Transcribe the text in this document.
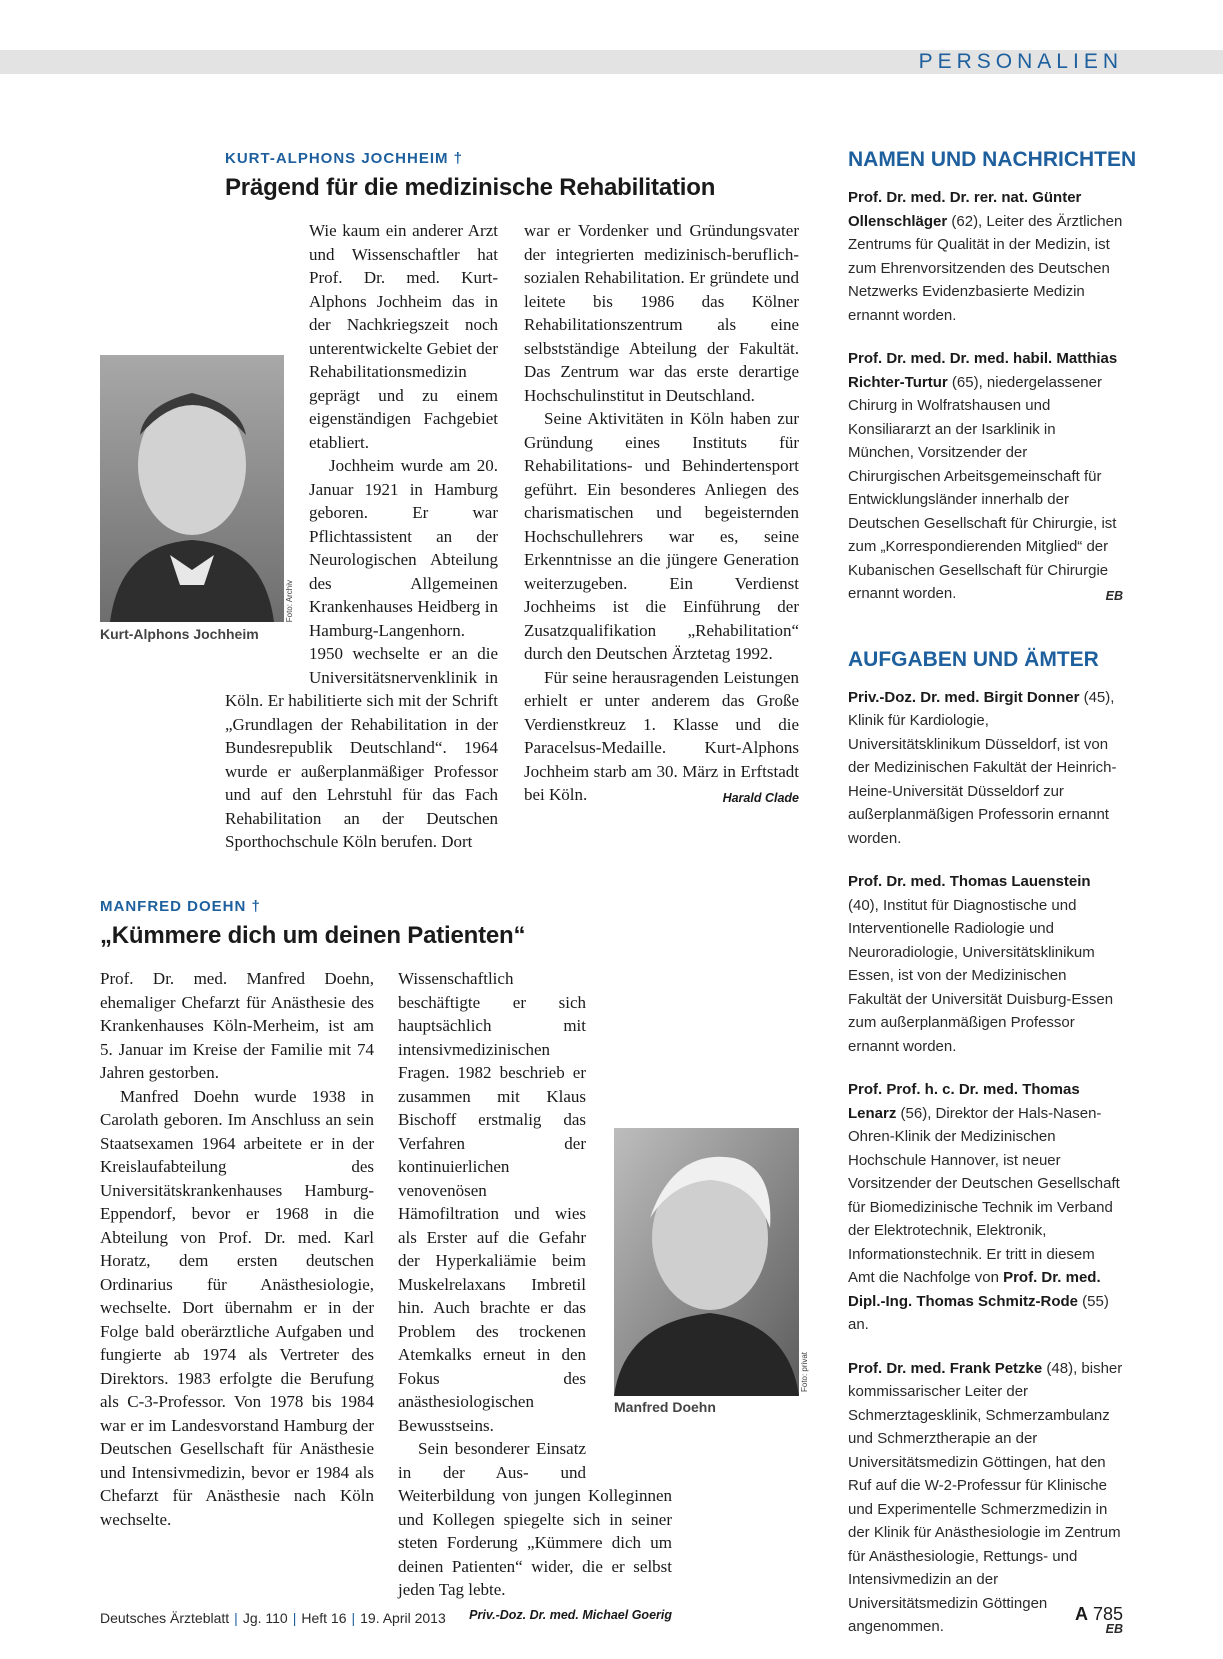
PERSONALIEN
KURT-ALPHONS JOCHHEIM †
Prägend für die medizinische Rehabilitation
Foto: Archiv
Kurt-Alphons Jochheim

Wie kaum ein anderer Arzt und Wissenschaftler hat Prof. Dr. med. Kurt-Alphons Jochheim das in der Nachkriegszeit noch unterentwickelte Gebiet der Rehabilitationsmedizin geprägt und zu einem eigenständigen Fachgebiet etabliert.

Jochheim wurde am 20. Januar 1921 in Hamburg geboren. Er war Pflichtassistent an der Neurologischen Abteilung des Allgemeinen Krankenhauses Heidberg in Hamburg-Langenhorn. 1950 wechselte er an die Universitätsnervenklinik in Köln. Er habilitierte sich mit der Schrift „Grundlagen der Rehabilitation in der Bundesrepublik Deutschland“. 1964 wurde er außerplanmäßiger Professor und auf den Lehrstuhl für das Fach Rehabilitation an der Deutschen Sporthochschule Köln berufen. Dort

war er Vordenker und Gründungsvater der integrierten medizinisch-beruflich-sozialen Rehabilitation. Er gründete und leitete bis 1986 das Kölner Rehabilitationszentrum als eine selbstständige Abteilung der Fakultät. Das Zentrum war das erste derartige Hochschulinstitut in Deutschland.

Seine Aktivitäten in Köln haben zur Gründung eines Instituts für Rehabilitations- und Behindertensport geführt. Ein besonderes Anliegen des charismatischen und begeisternden Hochschullehrers war es, seine Erkenntnisse an die jüngere Generation weiterzugeben. Ein Verdienst Jochheims ist die Einführung der Zusatzqualifikation „Rehabilitation“ durch den Deutschen Ärztetag 1992.

Für seine herausragenden Leistungen erhielt er unter anderem das Große Verdienstkreuz 1. Klasse und die Paracelsus-Medaille. Kurt-Alphons Jochheim starb am 30. März in Erftstadt bei Köln.	Harald Clade

MANFRED DOEHN †
„Kümmere dich um deinen Patienten“

Prof. Dr. med. Manfred Doehn, ehemaliger Chefarzt für Anästhesie des Krankenhauses Köln-Merheim, ist am 5. Januar im Kreise der Familie mit 74 Jahren gestorben.

Manfred Doehn wurde 1938 in Carolath geboren. Im Anschluss an sein Staatsexamen 1964 arbeitete er in der Kreislaufabteilung des Universitätskrankenhauses Hamburg-Eppendorf, bevor er 1968 in die Abteilung von Prof. Dr. med. Karl Horatz, dem ersten deutschen Ordinarius für Anästhesiologie, wechselte. Dort übernahm er in der Folge bald oberärztliche Aufgaben und fungierte ab 1974 als Vertreter des Direktors. 1983 erfolgte die Berufung als C-3-Professor. Von 1978 bis 1984 war er im Landesvorstand Hamburg der Deutschen Gesellschaft für Anästhesie und Intensivmedizin, bevor er 1984 als Chefarzt für Anästhesie nach Köln wechselte.

Foto: privat
Manfred Doehn

Wissenschaftlich beschäftigte er sich hauptsächlich mit intensivmedizinischen Fragen. 1982 beschrieb er zusammen mit Klaus Bischoff erstmalig das Verfahren der kontinuierlichen venovenösen Hämofiltration und wies als Erster auf die Gefahr der Hyperkaliämie beim Muskelrelaxans Imbretil hin. Auch brachte er das Problem des trockenen Atemkalks erneut in den Fokus des anästhesiologischen Bewusstseins.

Sein besonderer Einsatz in der Aus- und Weiterbildung von jungen Kolleginnen und Kollegen spiegelte sich in seiner steten Forderung „Kümmere dich um deinen Patienten“ wider, die er selbst jeden Tag lebte.

Priv.-Doz. Dr. med. Michael Goerig
NAMEN UND NACHRICHTEN
Prof. Dr. med. Dr. rer. nat. Günter Ollenschläger (62), Leiter des Ärztlichen Zentrums für Qualität in der Medizin, ist zum Ehrenvorsitzenden des Deutschen Netzwerks Evidenzbasierte Medizin ernannt worden.
Prof. Dr. med. Dr. med. habil. Matthias Richter-Turtur (65), niedergelassener Chirurg in Wolfratshausen und Konsiliararzt an der Isarklinik in München, Vorsitzender der Chirurgischen Arbeitsgemeinschaft für Entwicklungsländer innerhalb der Deutschen Gesellschaft für Chirurgie, ist zum „Korrespondierenden Mitglied“ der Kubanischen Gesellschaft für Chirurgie ernannt worden.	EB
AUFGABEN UND ÄMTER
Priv.-Doz. Dr. med. Birgit Donner (45), Klinik für Kardiologie, Universitätsklinikum Düsseldorf, ist von der Medizinischen Fakultät der Heinrich-Heine-Universität Düsseldorf zur außerplanmäßigen Professorin ernannt worden.
Prof. Dr. med. Thomas Lauenstein (40), Institut für Diagnostische und Interventionelle Radiologie und Neuroradiologie, Universitätsklinikum Essen, ist von der Medizinischen Fakultät der Universität Duisburg-Essen zum außerplanmäßigen Professor ernannt worden.
Prof. Prof. h. c. Dr. med. Thomas Lenarz (56), Direktor der Hals-Nasen-Ohren-Klinik der Medizinischen Hochschule Hannover, ist neuer Vorsitzender der Deutschen Gesellschaft für Biomedizinische Technik im Verband der Elektrotechnik, Elektronik, Informationstechnik. Er tritt in diesem Amt die Nachfolge von Prof. Dr. med. Dipl.-Ing. Thomas Schmitz-Rode (55) an.
Prof. Dr. med. Frank Petzke (48), bisher kommissarischer Leiter der Schmerztagesklinik, Schmerzambulanz und Schmerztherapie an der Universitätsmedizin Göttingen, hat den Ruf auf die W-2-Professur für Klinische und Experimentelle Schmerzmedizin in der Klinik für Anästhesiologie im Zentrum für Anästhesiologie, Rettungs- und Intensivmedizin an der Universitätsmedizin Göttingen angenommen.	EB
Deutsches Ärzteblatt | Jg. 110 | Heft 16 | 19. April 2013	A 785
